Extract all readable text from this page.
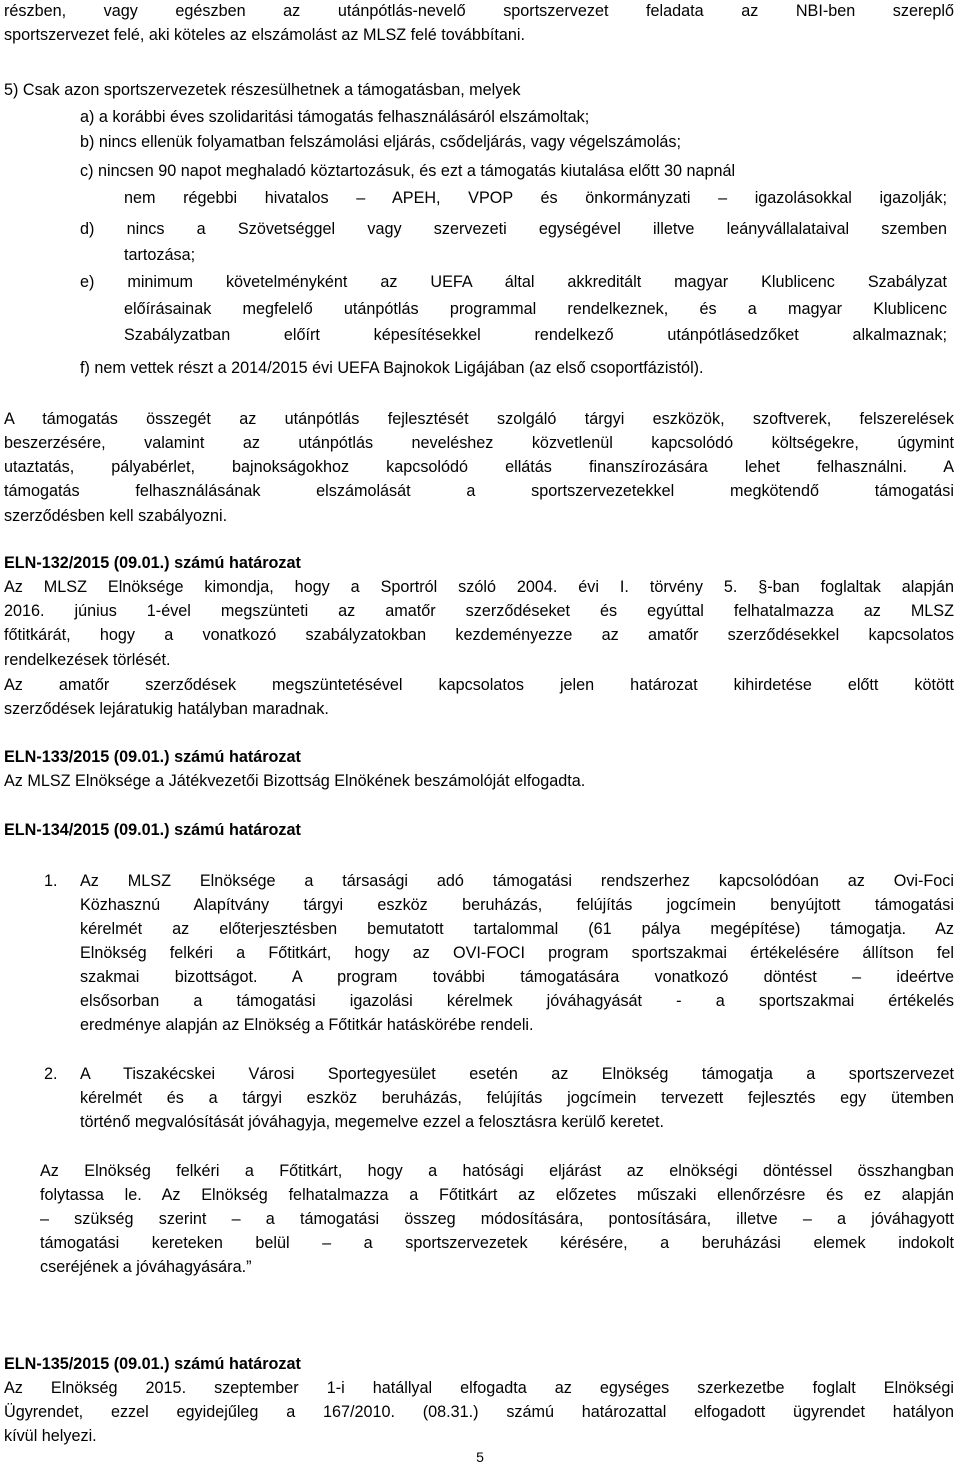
részben, vagy egészben az utánpótlás-nevelő sportszervezet feladata az NBI-ben szereplő
sportszervezet felé, aki köteles az elszámolást az MLSZ felé továbbítani.
5) Csak azon sportszervezetek részesülhetnek a támogatásban, melyek
a) a korábbi éves szolidaritási támogatás felhasználásáról elszámoltak;
b) nincs ellenük folyamatban felszámolási eljárás, csődeljárás, vagy végelszámolás;
c) nincsen 90 napot meghaladó köztartozásuk, és ezt a támogatás kiutalása előtt 30 napnál
nem régebbi hivatalos – APEH, VPOP és önkormányzati – igazolásokkal igazolják;
d) nincs a Szövetséggel vagy szervezeti egységével illetve leányvállalataival szemben
tartozása;
e) minimum követelményként az UEFA által akkreditált magyar Klublicenc Szabályzat
előírásainak megfelelő utánpótlás programmal rendelkeznek, és a magyar Klublicenc
Szabályzatban előírt képesítésekkel rendelkező utánpótlásedzőket alkalmaznak;
f) nem vettek részt a 2014/2015 évi UEFA Bajnokok Ligájában (az első csoportfázistól).
A támogatás összegét az utánpótlás fejlesztését szolgáló tárgyi eszközök, szoftverek, felszerelések
beszerzésére, valamint az utánpótlás neveléshez közvetlenül kapcsolódó költségekre, úgymint
utaztatás, pályabérlet, bajnokságokhoz kapcsolódó ellátás finanszírozására lehet felhasználni. A
támogatás felhasználásának elszámolását a sportszervezetekkel megkötendő támogatási
szerződésben kell szabályozni.
ELN-132/2015 (09.01.) számú határozat
Az MLSZ Elnöksége kimondja, hogy a Sportról szóló 2004. évi I. törvény 5. §-ban foglaltak alapján
2016. június 1-ével megszünteti az amatőr szerződéseket és egyúttal felhatalmazza az MLSZ
főtitkárát, hogy a vonatkozó szabályzatokban kezdeményezze az amatőr szerződésekkel kapcsolatos
rendelkezések törlését.
Az amatőr szerződések megszüntetésével kapcsolatos jelen határozat kihirdetése előtt kötött
szerződések lejáratukig hatályban maradnak.
ELN-133/2015 (09.01.) számú határozat
Az MLSZ Elnöksége a Játékvezetői Bizottság Elnökének beszámolóját elfogadta.
ELN-134/2015 (09.01.) számú határozat
1. Az MLSZ Elnöksége a társasági adó támogatási rendszerhez kapcsolódóan az Ovi-Foci
Közhasznú Alapítvány tárgyi eszköz beruházás, felújítás jogcímein benyújtott támogatási
kérelmét az előterjesztésben bemutatott tartalommal (61 pálya megépítése) támogatja. Az
Elnökség felkéri a Főtitkárt, hogy az OVI-FOCI program sportszakmai értékelésére állítson fel
szakmai bizottságot. A program további támogatására vonatkozó döntést – ideértve
elsősorban a támogatási igazolási kérelmek jóváhagyását - a sportszakmai értékelés
eredménye alapján az Elnökség a Főtitkár hatáskörébe rendeli.
2. A Tiszakécskei Városi Sportegyesület esetén az Elnökség támogatja a sportszervezet
kérelmét és a tárgyi eszköz beruházás, felújítás jogcímein tervezett fejlesztés egy ütemben
történő megvalósítását jóváhagyja, megemelve ezzel a felosztásra kerülő keretet.
Az Elnökség felkéri a Főtitkárt, hogy a hatósági eljárást az elnökségi döntéssel összhangban
folytassa le. Az Elnökség felhatalmazza a Főtitkárt az előzetes műszaki ellenőrzésre és ez alapján
– szükség szerint – a támogatási összeg módosítására, pontosítására, illetve – a jóváhagyott
támogatási kereteken belül – a sportszervezetek kérésére, a beruházási elemek indokolt
cseréjének a jóváhagyására.”
ELN-135/2015 (09.01.) számú határozat
Az Elnökség 2015. szeptember 1-i hatállyal elfogadta az egységes szerkezetbe foglalt Elnökségi
Ügyrendet, ezzel egyidejűleg a 167/2010. (08.31.) számú határozattal elfogadott ügyrendet hatályon
kívül helyezi.
5
